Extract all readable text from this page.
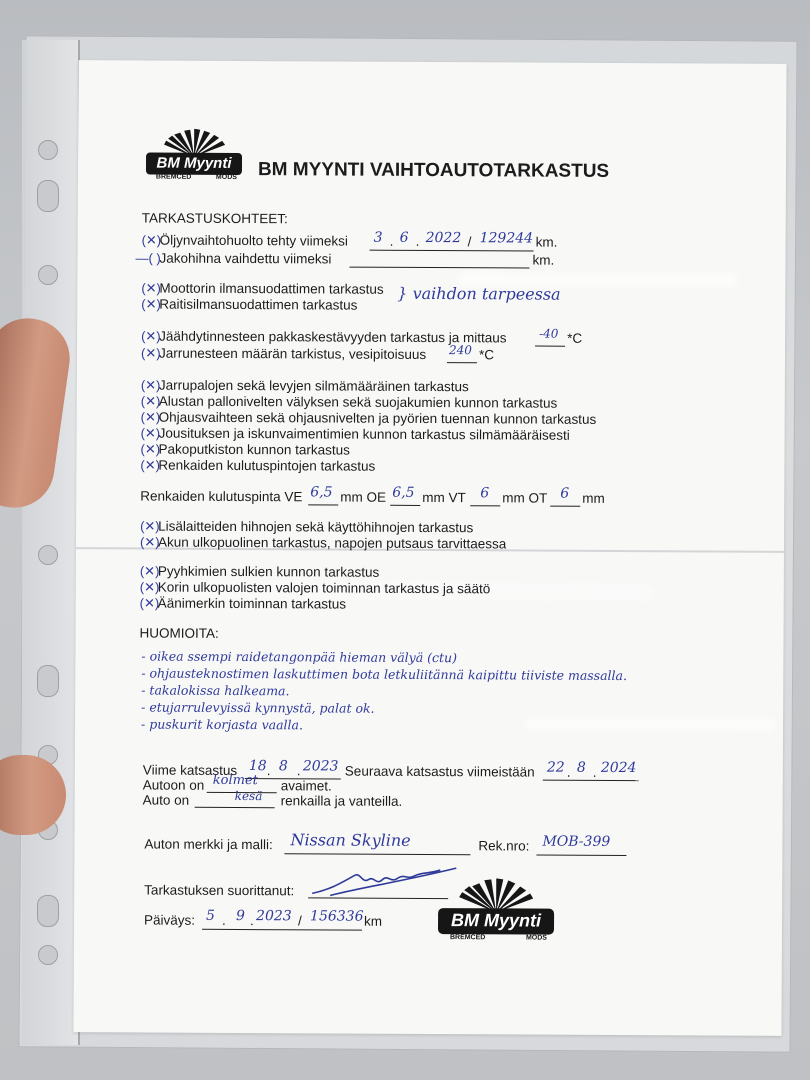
BM Myynti
BREMCED	MODS BM MYYNTI VAIHTOAUTOTARKASTUS
TARKASTUSKOHTEET:
(✕)
Öljynvaihtohuolto tehty viimeksi 3 . 6 . 2022 / 129244 km.
—( )
Jakohihna vaihdettu viimeksi	km.
(✕)
Moottorin ilmansuodattimen tarkastus
(✕)
Raitisilmansuodattimen tarkastus
} vaihdon tarpeessa
(✕)
Jäähdytinnesteen pakkaskestävyyden tarkastus ja mittaus	-40 *C
(✕)
Jarrunesteen määrän tarkistus, vesipitoisuus 240 *C
(✕)
Jarrupalojen sekä levyjen silmämääräinen tarkastus
(✕)
Alustan pallonivelten välyksen sekä suojakumien kunnon tarkastus
(✕)
Ohjausvaihteen sekä ohjausnivelten ja pyörien tuennan kunnon tarkastus
(✕)
Jousituksen ja iskunvaimentimien kunnon tarkastus silmämääräisesti
(✕)
Pakoputkiston kunnon tarkastus
(✕)
Renkaiden kulutuspintojen tarkastus
Renkaiden kulutuspinta VE 6,5 mm OE 6,5 mm VT 6 mm OT 6 mm
(✕)
Lisälaitteiden hihnojen sekä käyttöhihnojen tarkastus
(✕)
Akun ulkopuolinen tarkastus, napojen putsaus tarvittaessa
(✕)
Pyyhkimien sulkien kunnon tarkastus
(✕)
Korin ulkopuolisten valojen toiminnan tarkastus ja säätö
(✕)
Äänimerkin toiminnan tarkastus
HUOMIOITA:
- oikea ssempi raidetangonpää hieman välyä (ctu)
- ohjausteknostimen laskuttimen bota letkuliitännä kaipittu tiiviste massalla.
- takalokissa halkeama.
- etujarrulevyissä kynnystä, palat ok.
- puskurit korjasta vaalla.
Viime katsastus 18 . 8 . 2023 Seuraava katsastus viimeistään 22 . 8 . 2024
Autoon on kolmet avaimet.
Auto on	kesä renkailla ja vanteilla.
Auton merkki ja malli: Nissan Skyline	Rek.nro: MOB-399
Tarkastuksen suorittanut:
Päiväys: 5 . 9 . 2023 / 156336 km	BM Myynti
BREMCED	MODS
